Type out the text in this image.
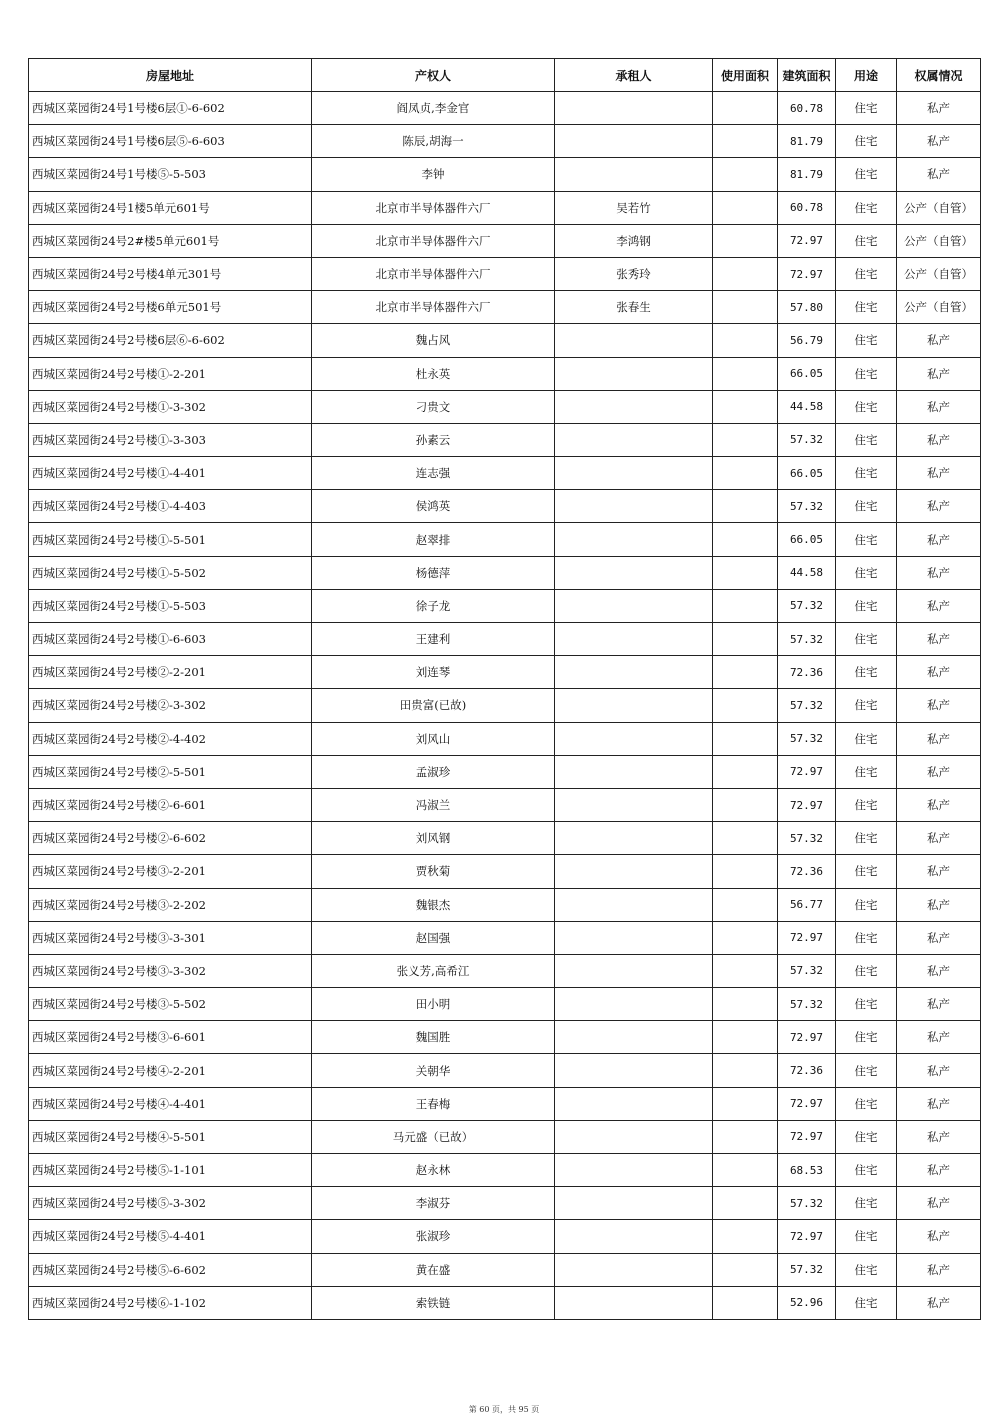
房屋地址	产权人	承租人	使用面积	建筑面积	用途	权属情况
西城区菜园街24号1号楼6层①-6-602	阎凤贞,李金官			60.78	住宅	私产
西城区菜园街24号1号楼6层⑤-6-603	陈辰,胡海一			81.79	住宅	私产
西城区菜园街24号1号楼⑤-5-503	李钟			81.79	住宅	私产
西城区菜园街24号1楼5单元601号	北京市半导体器件六厂	吴若竹		60.78	住宅	公产（自管）
西城区菜园街24号2#楼5单元601号	北京市半导体器件六厂	李鸿钢		72.97	住宅	公产（自管）
西城区菜园街24号2号楼4单元301号	北京市半导体器件六厂	张秀玲		72.97	住宅	公产（自管）
西城区菜园街24号2号楼6单元501号	北京市半导体器件六厂	张春生		57.80	住宅	公产（自管）
西城区菜园街24号2号楼6层⑥-6-602	魏占风			56.79	住宅	私产
西城区菜园街24号2号楼①-2-201	杜永英			66.05	住宅	私产
西城区菜园街24号2号楼①-3-302	刁贵文			44.58	住宅	私产
西城区菜园街24号2号楼①-3-303	孙素云			57.32	住宅	私产
西城区菜园街24号2号楼①-4-401	连志强			66.05	住宅	私产
西城区菜园街24号2号楼①-4-403	侯鸿英			57.32	住宅	私产
西城区菜园街24号2号楼①-5-501	赵翠排			66.05	住宅	私产
西城区菜园街24号2号楼①-5-502	杨德萍			44.58	住宅	私产
西城区菜园街24号2号楼①-5-503	徐子龙			57.32	住宅	私产
西城区菜园街24号2号楼①-6-603	王建利			57.32	住宅	私产
西城区菜园街24号2号楼②-2-201	刘连琴			72.36	住宅	私产
西城区菜园街24号2号楼②-3-302	田贵富(已故)			57.32	住宅	私产
西城区菜园街24号2号楼②-4-402	刘风山			57.32	住宅	私产
西城区菜园街24号2号楼②-5-501	孟淑珍			72.97	住宅	私产
西城区菜园街24号2号楼②-6-601	冯淑兰			72.97	住宅	私产
西城区菜园街24号2号楼②-6-602	刘风钢			57.32	住宅	私产
西城区菜园街24号2号楼③-2-201	贾秋菊			72.36	住宅	私产
西城区菜园街24号2号楼③-2-202	魏银杰			56.77	住宅	私产
西城区菜园街24号2号楼③-3-301	赵国强			72.97	住宅	私产
西城区菜园街24号2号楼③-3-302	张义芳,高希江			57.32	住宅	私产
西城区菜园街24号2号楼③-5-502	田小明			57.32	住宅	私产
西城区菜园街24号2号楼③-6-601	魏国胜			72.97	住宅	私产
西城区菜园街24号2号楼④-2-201	关朝华			72.36	住宅	私产
西城区菜园街24号2号楼④-4-401	王春梅			72.97	住宅	私产
西城区菜园街24号2号楼④-5-501	马元盛（已故）			72.97	住宅	私产
西城区菜园街24号2号楼⑤-1-101	赵永林			68.53	住宅	私产
西城区菜园街24号2号楼⑤-3-302	李淑芬			57.32	住宅	私产
西城区菜园街24号2号楼⑤-4-401	张淑珍			72.97	住宅	私产
西城区菜园街24号2号楼⑤-6-602	黄在盛			57.32	住宅	私产
西城区菜园街24号2号楼⑥-1-102	索铁链			52.96	住宅	私产
第 60 页，共 95 页
